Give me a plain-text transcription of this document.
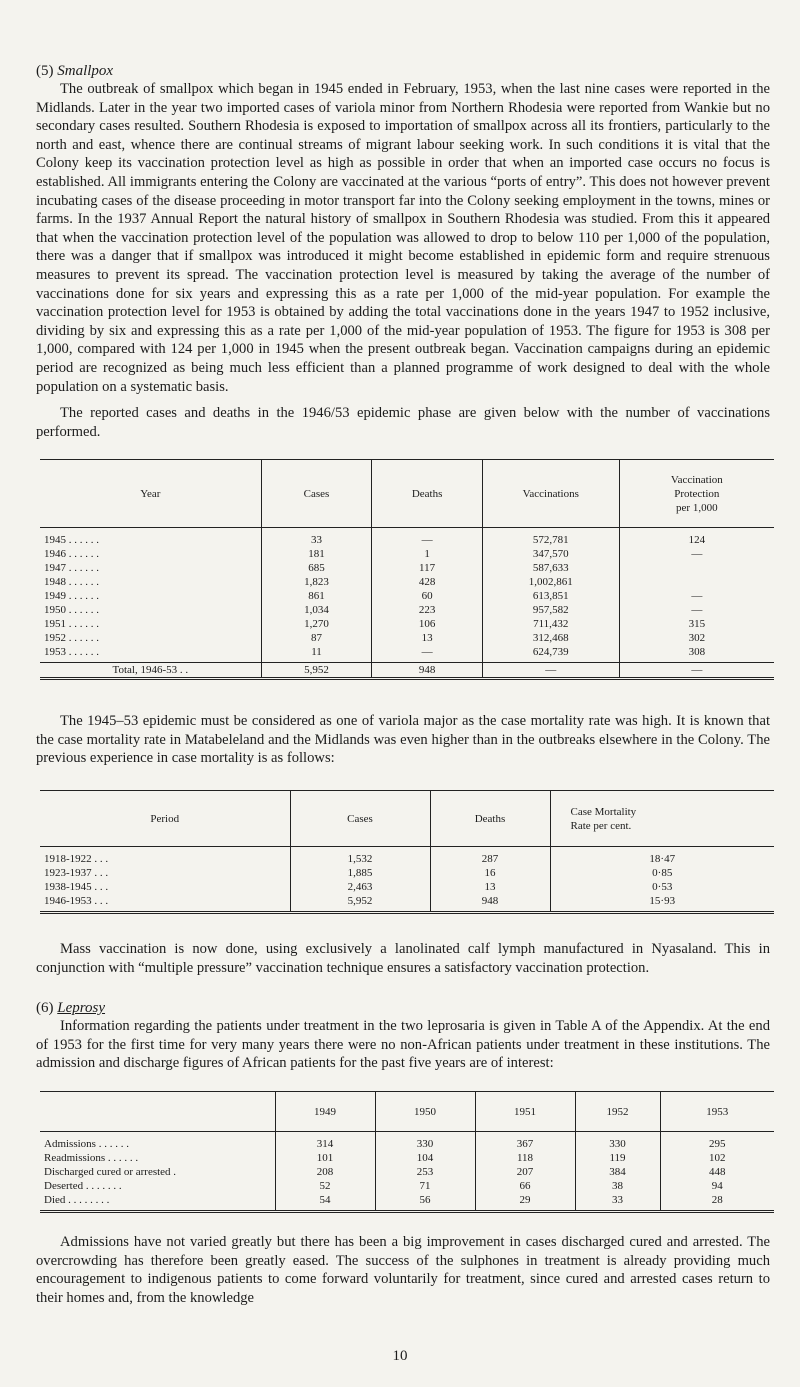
(5) Smallpox

The outbreak of smallpox which began in 1945 ended in February, 1953, when the last nine cases were reported in the Midlands. Later in the year two imported cases of variola minor from Northern Rhodesia were reported from Wankie but no secondary cases resulted. Southern Rhodesia is exposed to importation of smallpox across all its frontiers, particularly to the north and east, whence there are continual streams of migrant labour seeking work. In such conditions it is vital that the Colony keep its vaccination protection level as high as possible in order that when an imported case occurs no focus is established. All immigrants entering the Colony are vaccinated at the various “ports of entry”. This does not however prevent incubating cases of the disease proceeding in motor transport far into the Colony seeking employment in the towns, mines or farms. In the 1937 Annual Report the natural history of smallpox in Southern Rhodesia was studied. From this it appeared that when the vaccination protection level of the population was allowed to drop to below 110 per 1,000 of the population, there was a danger that if smallpox was introduced it might become established in epidemic form and require strenuous measures to prevent its spread. The vaccination protection level is measured by taking the average of the number of vaccinations done for six years and expressing this as a rate per 1,000 of the mid-year population. For example the vaccination protection level for 1953 is obtained by adding the total vaccinations done in the years 1947 to 1952 inclusive, dividing by six and expressing this as a rate per 1,000 of the mid-year population of 1953. The figure for 1953 is 308 per 1,000, compared with 124 per 1,000 in 1945 when the present outbreak began. Vaccination campaigns during an epidemic period are recognized as being much less efficient than a planned programme of work designed to deal with the whole population on a systematic basis.

The reported cases and deaths in the 1946/53 epidemic phase are given below with the number of vaccinations performed.

Year	Cases	Deaths	Vaccinations	Vaccination
Protection
per 1,000
1945 . . . . . .	33	—	572,781	124
1946 . . . . . .	181	1	347,570	—
1947 . . . . . .	685	117	587,633	
1948 . . . . . .	1,823	428	1,002,861	
1949 . . . . . .	861	60	613,851	—
1950 . . . . . .	1,034	223	957,582	—
1951 . . . . . .	1,270	106	711,432	315
1952 . . . . . .	87	13	312,468	302
1953 . . . . . .	11	—	624,739	308
Total, 1946-53 . .	5,952	948	—	—

The 1945–53 epidemic must be considered as one of variola major as the case mortality rate was high. It is known that the case mortality rate in Matabeleland and the Midlands was even higher than in the outbreaks elsewhere in the Colony. The previous experience in case mortality is as follows:

Period	Cases	Deaths	Case Mortality
Rate per cent.
1918-1922 . . .	1,532	287	18·47
1923-1937 . . .	1,885	16	0·85
1938-1945 . . .	2,463	13	0·53
1946-1953 . . .	5,952	948	15·93

Mass vaccination is now done, using exclusively a lanolinated calf lymph manufactured in Nyasaland. This in conjunction with “multiple pressure” vaccination technique ensures a satisfactory vaccination protection.

(6) Leprosy

Information regarding the patients under treatment in the two leprosaria is given in Table A of the Appendix. At the end of 1953 for the first time for very many years there were no non-African patients under treatment in these institutions. The admission and discharge figures of African patients for the past five years are of interest:

	1949	1950	1951	1952	1953
Admissions . . . . . .	314	330	367	330	295
Readmissions . . . . . .	101	104	118	119	102
Discharged cured or arrested .	208	253	207	384	448
Deserted . . . . . . .	52	71	66	38	94
Died . . . . . . . .	54	56	29	33	28

Admissions have not varied greatly but there has been a big improvement in cases discharged cured and arrested. The overcrowding has therefore been greatly eased. The success of the sulphones in treatment is already providing much encouragement to indigenous patients to come forward voluntarily for treatment, since cured and arrested cases return to their homes and, from the knowledge

10
